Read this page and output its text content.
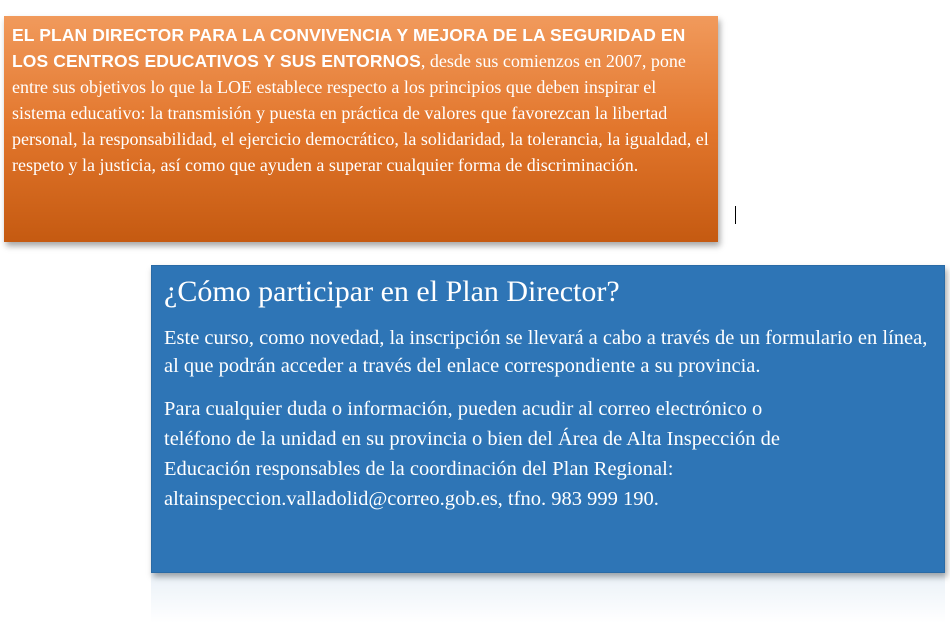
EL PLAN DIRECTOR PARA LA CONVIVENCIA Y MEJORA DE LA SEGURIDAD EN LOS CENTROS EDUCATIVOS Y SUS ENTORNOS, desde sus comienzos en 2007, pone entre sus objetivos lo que la LOE establece respecto a los principios que deben inspirar el sistema educativo: la transmisión y puesta en práctica de valores que favorezcan la libertad personal, la responsabilidad, el ejercicio democrático, la solidaridad, la tolerancia, la igualdad, el respeto y la justicia, así como que ayuden a superar cualquier forma de discriminación.
¿Cómo participar en el Plan Director?

Este curso, como novedad, la inscripción se llevará a cabo a través de un formulario en línea, al que podrán acceder a través del enlace correspondiente a su provincia.

Para cualquier duda o información, pueden acudir al correo electrónico o
teléfono de la unidad en su provincia o bien del Área de Alta Inspección de
Educación responsables de la coordinación del Plan Regional:
altainspeccion.valladolid@correo.gob.es, tfno. 983 999 190.
